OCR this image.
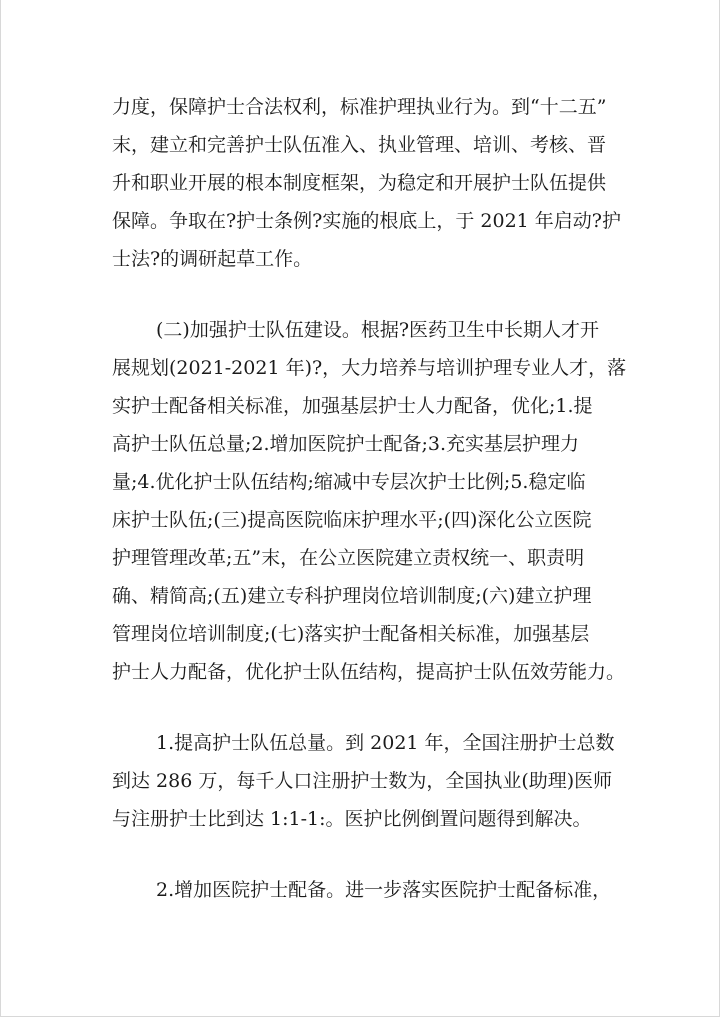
力度，保障护士合法权利，标准护理执业行为。到“十二五”
末，建立和完善护士队伍准入、执业管理、培训、考核、晋
升和职业开展的根本制度框架，为稳定和开展护士队伍提供
保障。争取在?护士条例?实施的根底上，于 2021 年启动?护
士法?的调研起草工作。
(二)加强护士队伍建设。根据?医药卫生中长期人才开
展规划(2021-2021 年)?，大力培养与培训护理专业人才，落
实护士配备相关标准，加强基层护士人力配备，优化;1.提
高护士队伍总量;2.增加医院护士配备;3.充实基层护理力
量;4.优化护士队伍结构;缩减中专层次护士比例;5.稳定临
床护士队伍;(三)提高医院临床护理水平;(四)深化公立医院
护理管理改革;五”末，在公立医院建立责权统一、职责明
确、精简高;(五)建立专科护理岗位培训制度;(六)建立护理
管理岗位培训制度;(七)落实护士配备相关标准，加强基层
护士人力配备，优化护士队伍结构，提高护士队伍效劳能力。
1.提高护士队伍总量。到 2021 年，全国注册护士总数
到达 286 万，每千人口注册护士数为，全国执业(助理)医师
与注册护士比到达 1:1-1:。医护比例倒置问题得到解决。
2.增加医院护士配备。进一步落实医院护士配备标准，
